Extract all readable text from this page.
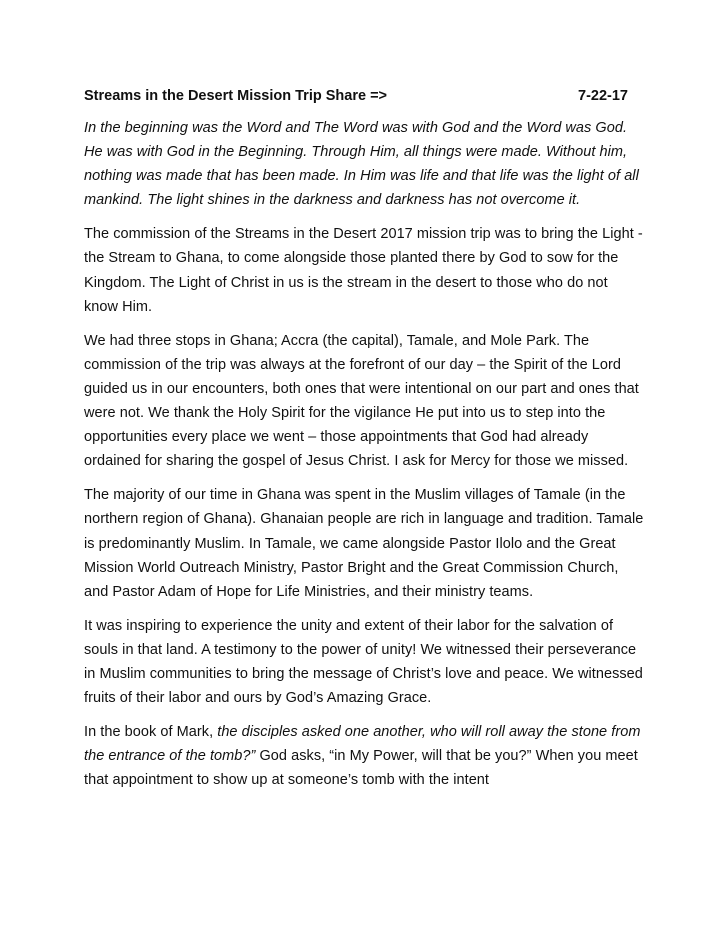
Streams in the Desert Mission Trip Share =>	7-22-17

In the beginning was the Word and The Word was with God and the Word was God. He was with God in the Beginning. Through Him, all things were made. Without him, nothing was made that has been made. In Him was life and that life was the light of all mankind. The light shines in the darkness and darkness has not overcome it.

The commission of the Streams in the Desert 2017 mission trip was to bring the Light - the Stream to Ghana, to come alongside those planted there by God to sow for the Kingdom. The Light of Christ in us is the stream in the desert to those who do not know Him.

We had three stops in Ghana; Accra (the capital), Tamale, and Mole Park. The commission of the trip was always at the forefront of our day – the Spirit of the Lord guided us in our encounters, both ones that were intentional on our part and ones that were not. We thank the Holy Spirit for the vigilance He put into us to step into the opportunities every place we went – those appointments that God had already ordained for sharing the gospel of Jesus Christ. I ask for Mercy for those we missed.

The majority of our time in Ghana was spent in the Muslim villages of Tamale (in the northern region of Ghana). Ghanaian people are rich in language and tradition. Tamale is predominantly Muslim. In Tamale, we came alongside Pastor Ilolo and the Great Mission World Outreach Ministry, Pastor Bright and the Great Commission Church, and Pastor Adam of Hope for Life Ministries, and their ministry teams.

It was inspiring to experience the unity and extent of their labor for the salvation of souls in that land. A testimony to the power of unity! We witnessed their perseverance in Muslim communities to bring the message of Christ’s love and peace. We witnessed fruits of their labor and ours by God’s Amazing Grace.

In the book of Mark, the disciples asked one another, who will roll away the stone from the entrance of the tomb?” God asks, “in My Power, will that be you?” When you meet that appointment to show up at someone’s tomb with the intent
